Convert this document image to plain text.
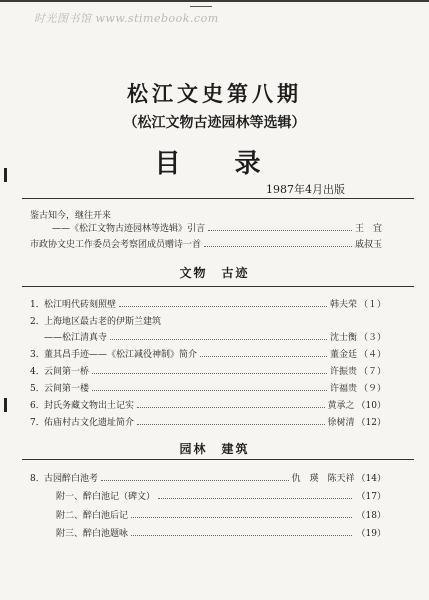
时光图书馆 www.stimebook.com
松江文史第八期
（松江文物古迹园林等选辑）
目　录
1987年4月出版
鉴古知今，继往开来
——《松江文物古迹园林等选辑》引言	王　宜
市政协文史工作委员会考察团成员赠诗一首	戚叔玉
文物　古迹
1． 松江明代砖刻照壁	韩夫荣 （１）
2． 上海地区最古老的伊斯兰建筑
——松江清真寺	沈士衡 （３）
3． 董其昌手迹——《松江减役神制》简介	董金廷 （４）
4． 云间第一桥	许振贵 （７）
5． 云间第一楼	许福贵 （９）
6． 封氏务藏文物出土记实	黄承之 （10）
7． 佑庙村古文化遗址简介	徐树清 （12）
园林　建筑
8． 古园醉白池考	仇　瑛　陈天祥 （14）
附一、醉白池记（碑文）	（17）
附二、醉白池后记	（18）
附三、醉白池题咏	（19）
